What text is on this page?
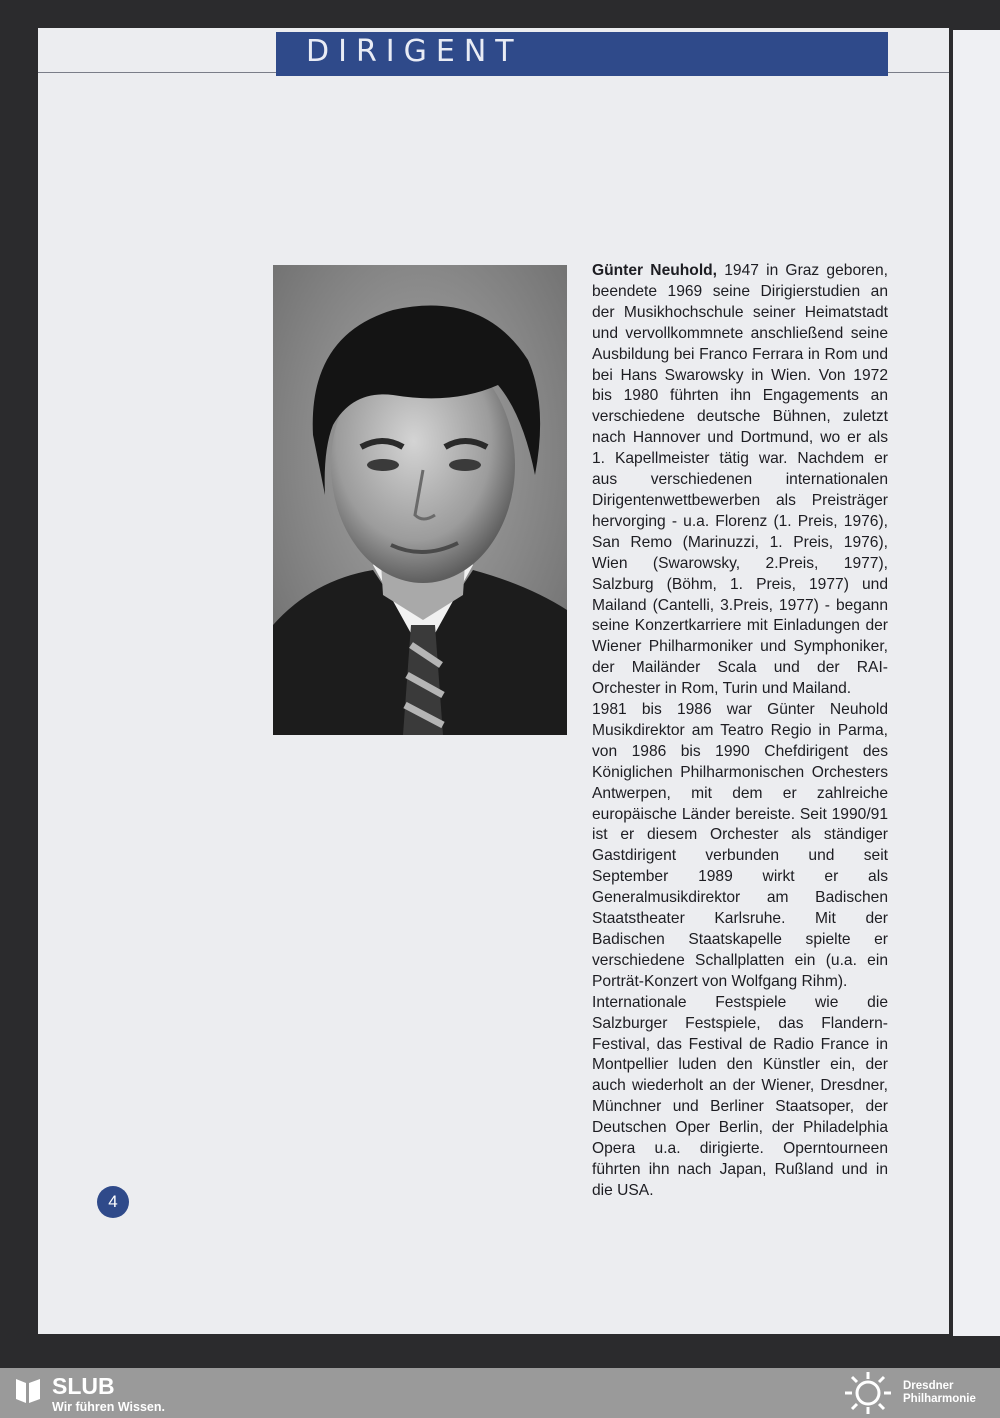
DIRIGENT

Günter Neuhold, 1947 in Graz geboren, beendete 1969 seine Dirigierstudien an der Musikhochschule seiner Heimatstadt und vervollkommnete anschließend seine Ausbildung bei Franco Ferrara in Rom und bei Hans Swarowsky in Wien. Von 1972 bis 1980 führten ihn Engagements an verschiedene deutsche Bühnen, zuletzt nach Hannover und Dortmund, wo er als 1. Kapellmeister tätig war. Nachdem er aus verschiedenen internationalen Dirigentenwettbewerben als Preisträger hervorging - u.a. Florenz (1. Preis, 1976), San Remo (Marinuzzi, 1. Preis, 1976), Wien (Swarowsky, 2.Preis, 1977), Salzburg (Böhm, 1. Preis, 1977) und Mailand (Cantelli, 3.Preis, 1977) - begann seine Konzertkarriere mit Einladungen der Wiener Philharmoniker und Symphoniker, der Mailänder Scala und der RAI-Orchester in Rom, Turin und Mailand.

1981 bis 1986 war Günter Neuhold Musikdirektor am Teatro Regio in Parma, von 1986 bis 1990 Chefdirigent des Königlichen Philharmonischen Orchesters Antwerpen, mit dem er zahlreiche europäische Länder bereiste. Seit 1990/91 ist er diesem Orchester als ständiger Gastdirigent verbunden und seit September 1989 wirkt er als Generalmusikdirektor am Badischen Staatstheater Karlsruhe. Mit der Badischen Staatskapelle spielte er verschiedene Schallplatten ein (u.a. ein Porträt-Konzert von Wolfgang Rihm).

Internationale Festspiele wie die Salzburger Festspiele, das Flandern-Festival, das Festival de Radio France in Montpellier luden den Künstler ein, der auch wiederholt an der Wiener, Dresdner, Münchner und Berliner Staatsoper, der Deutschen Oper Berlin, der Philadelphia Opera u.a. dirigierte. Operntourneen führten ihn nach Japan, Rußland und in die USA.

4
SLUB
Wir führen Wissen.
Dresdner
Philharmonie
